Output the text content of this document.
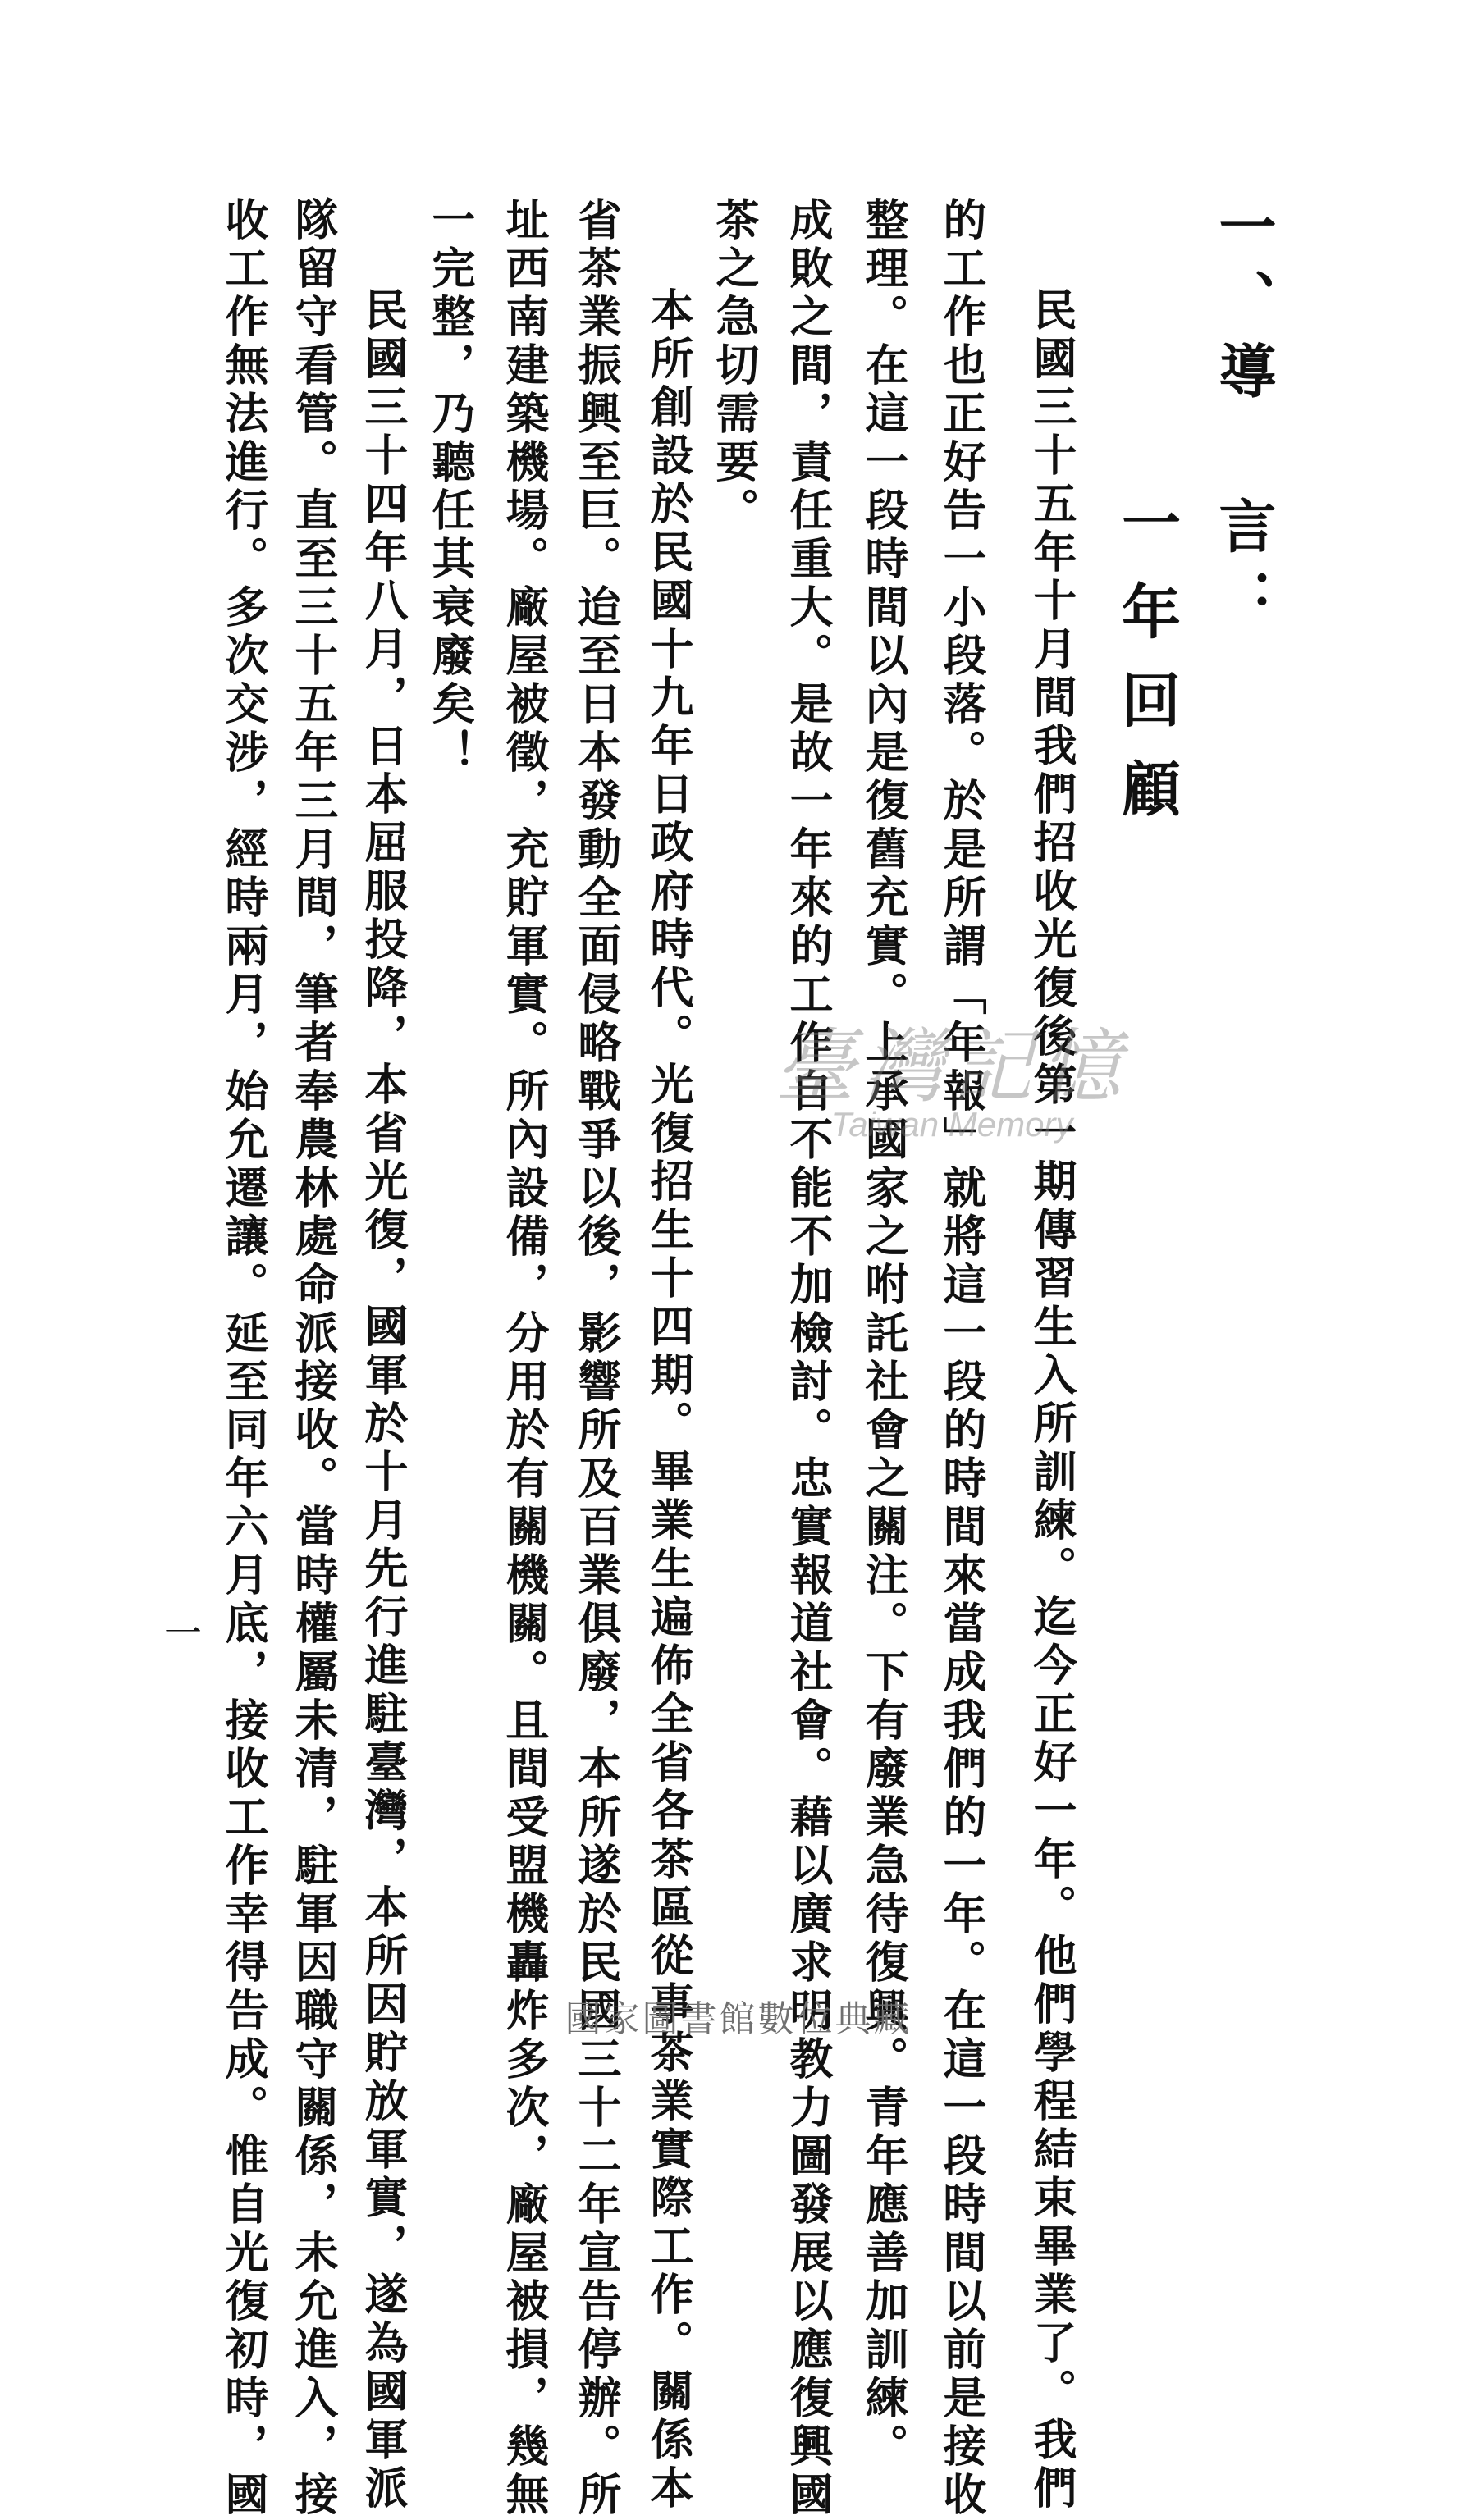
一、導 言：
一年回顧
民國三十五年十月間我們招收光復後第一期傳習生入所訓練。迄今正好一年。他們學程結束畢業了。我們
的工作也正好告一小段落。於是所謂「年報」就將這一段的時間來當成我們的一年。在這一段時間以前是接收
整理。在這一段時間以內是復舊充實。上承國家之咐託社會之關注。下有廢業急待復興。青年應善加訓練。
成敗之間，責任重大。是故一年來的工作自不能不加檢討。忠實報道社會。藉以廣求明教力圖發展以應復興國
茶之急切需要。
本所創設於民國十九年日政府時代。光復招生十四期。畢業生遍佈全省各茶區從事茶業實際工作。關係本
省茶業振興至巨。迨至日本發動全面侵略戰爭以後，影響所及百業俱廢，本所遂於民國三十二年宣告停辦。所
址西南建築機場。廠屋被徵，充貯軍實。所內設備，分用於有關機關。且間受盟機轟炸多次，廠屋被損，幾無
一完整，乃聽任其衰廢矣！
民國三十四年八月，日本屈服投降，本省光復，國軍於十月先行進駐臺灣，本所因貯放軍實，遂為國軍派
隊留守看管。直至三十五年三月間，筆者奉農林處命派接收。當時權屬未清，駐軍因職守關係，未允進入，接
收工作無法進行。多次交涉，經時兩月，始允遷讓。延至同年六月底，接收工作幸得告成。惟自光復初時，國
一
臺灣記憶
Taiwan Memory
國家圖書館數位典藏
